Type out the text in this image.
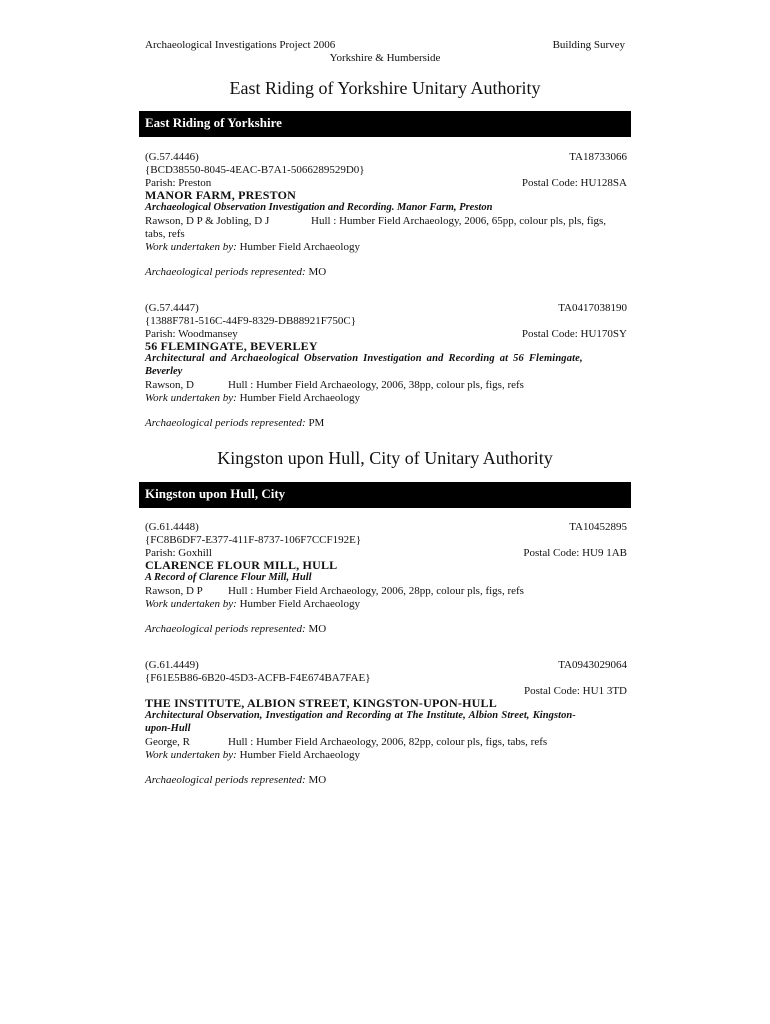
Archaeological Investigations Project 2006	Building Survey
Yorkshire & Humberside
East Riding of Yorkshire Unitary Authority
East Riding of Yorkshire
(G.57.4446)	TA18733066
{BCD38550-8045-4EAC-B7A1-5066289529D0}
Parish: Preston	Postal Code: HU128SA
MANOR FARM, PRESTON
Archaeological Observation Investigation and Recording. Manor Farm, Preston
Rawson, D P & Jobling, D J	Hull : Humber Field Archaeology, 2006, 65pp, colour pls, pls, figs,
tabs, refs
Work undertaken by: Humber Field Archaeology
Archaeological periods represented: MO
(G.57.4447)	TA0417038190
{1388F781-516C-44F9-8329-DB88921F750C}
Parish: Woodmansey	Postal Code: HU170SY
56 FLEMINGATE, BEVERLEY
Architectural and Archaeological Observation Investigation and Recording at 56 Flemingate,
Beverley
Rawson, D	Hull : Humber Field Archaeology, 2006, 38pp, colour pls, figs, refs
Work undertaken by: Humber Field Archaeology
Archaeological periods represented: PM
Kingston upon Hull, City of Unitary Authority
Kingston upon Hull, City
(G.61.4448)	TA10452895
{FC8B6DF7-E377-411F-8737-106F7CCF192E}
Parish: Goxhill	Postal Code: HU9 1AB
CLARENCE FLOUR MILL, HULL
A Record of Clarence Flour Mill, Hull
Rawson, D P Hull : Humber Field Archaeology, 2006, 28pp, colour pls, figs, refs
Work undertaken by: Humber Field Archaeology
Archaeological periods represented: MO
(G.61.4449)	TA0943029064
{F61E5B86-6B20-45D3-ACFB-F4E674BA7FAE}
Postal Code: HU1 3TD
THE INSTITUTE, ALBION STREET, KINGSTON-UPON-HULL
Architectural Observation, Investigation and Recording at The Institute, Albion Street, Kingston-
upon-Hull
George, R	Hull : Humber Field Archaeology, 2006, 82pp, colour pls, figs, tabs, refs
Work undertaken by: Humber Field Archaeology
Archaeological periods represented: MO
